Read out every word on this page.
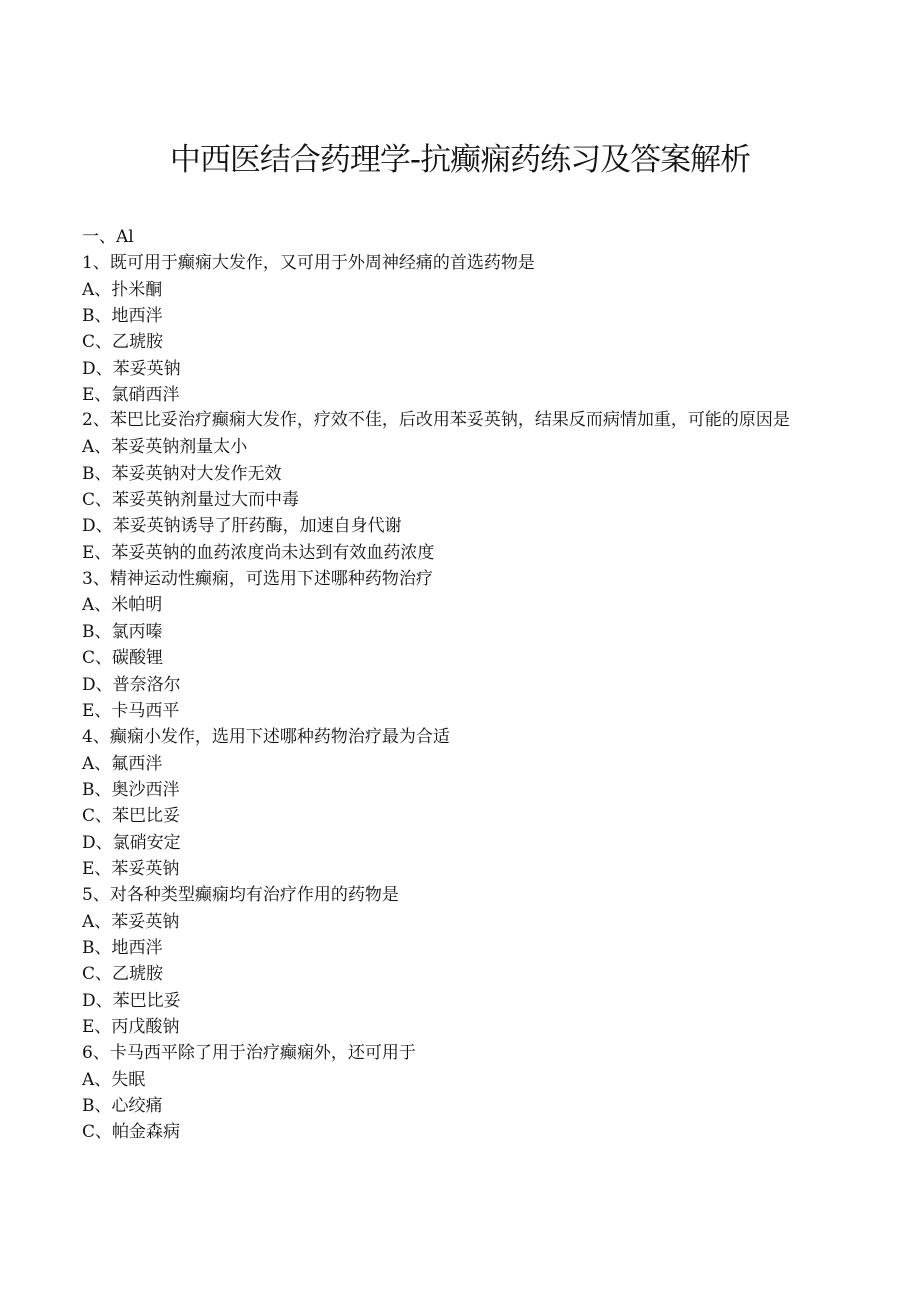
中西医结合药理学-抗癫痫药练习及答案解析

一、Al

1、既可用于癫痫大发作，又可用于外周神经痛的首选药物是

A、扑米酮

B、地西泮

C、乙琥胺

D、苯妥英钠

E、氯硝西泮

2、苯巴比妥治疗癫痫大发作，疗效不佳，后改用苯妥英钠，结果反而病情加重，可能的原因是

A、苯妥英钠剂量太小

B、苯妥英钠对大发作无效

C、苯妥英钠剂量过大而中毒

D、苯妥英钠诱导了肝药酶，加速自身代谢

E、苯妥英钠的血药浓度尚未达到有效血药浓度

3、精神运动性癫痫，可选用下述哪种药物治疗

A、米帕明

B、氯丙嗪

C、碳酸锂

D、普奈洛尔

E、卡马西平

4、癫痫小发作，选用下述哪种药物治疗最为合适

A、氟西泮

B、奥沙西泮

C、苯巴比妥

D、氯硝安定

E、苯妥英钠

5、对各种类型癫痫均有治疗作用的药物是

A、苯妥英钠

B、地西泮

C、乙琥胺

D、苯巴比妥

E、丙戊酸钠

6、卡马西平除了用于治疗癫痫外，还可用于

A、失眠

B、心绞痛

C、帕金森病
